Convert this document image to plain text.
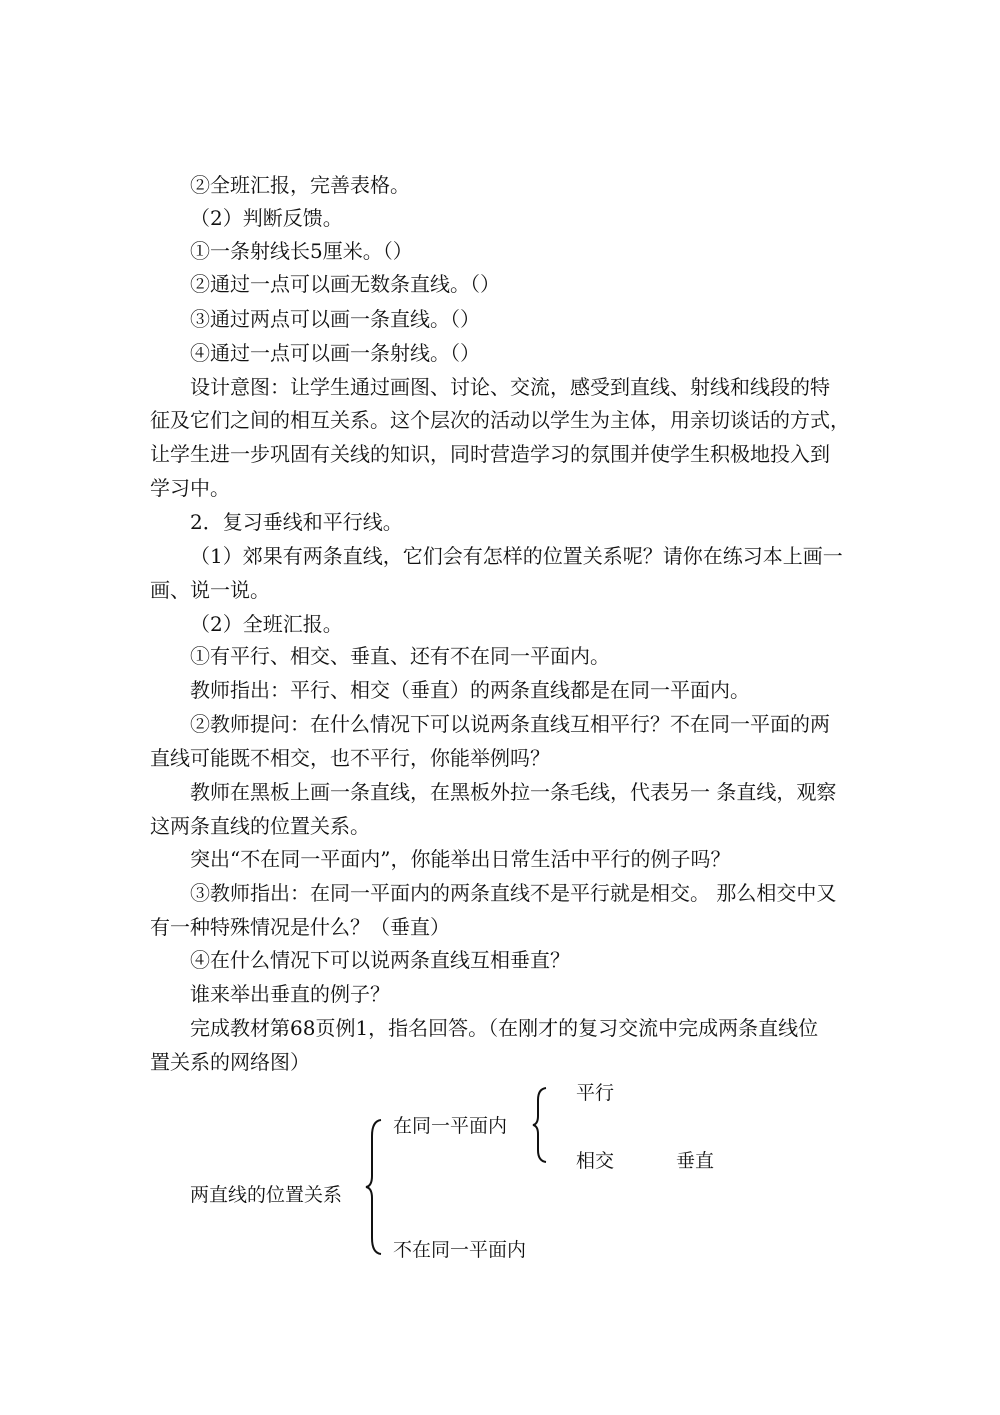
②全班汇报，完善表格。
（2）判断反馈。
①一条射线长5厘米。（）
②通过一点可以画无数条直线。（）
③通过两点可以画一条直线。（）
④通过一点可以画一条射线。（）
设计意图：让学生通过画图、讨论、交流，感受到直线、射线和线段的特
征及它们之间的相互关系。这个层次的活动以学生为主体，用亲切谈话的方式，
让学生进一步巩固有关线的知识，同时营造学习的氛围并使学生积极地投入到
学习中。
2．复习垂线和平行线。
（1）郊果有两条直线，它们会有怎样的位置关系呢？请你在练习本上画一
画、说一说。
（2）全班汇报。
①有平行、相交、垂直、还有不在同一平面内。
教师指出：平行、相交（垂直）的两条直线都是在同一平面内。
②教师提问：在什么情况下可以说两条直线互相平行？不在同一平面的两
直线可能既不相交，也不平行，你能举例吗？
教师在黑板上画一条直线，在黑板外拉一条毛线，代表另一 条直线，观察
这两条直线的位置关系。
突出“不在同一平面内”，你能举出日常生活中平行的例子吗？
③教师指出：在同一平面内的两条直线不是平行就是相交。 那么相交中又
有一种特殊情况是什么？（垂直）
④在什么情况下可以说两条直线互相垂直？
谁来举出垂直的例子？
完成教材第68页例1，指名回答。（在刚才的复习交流中完成两条直线位
置关系的网络图）
两直线的位置关系
在同一平面内
不在同一平面内
平行
相交	垂直
